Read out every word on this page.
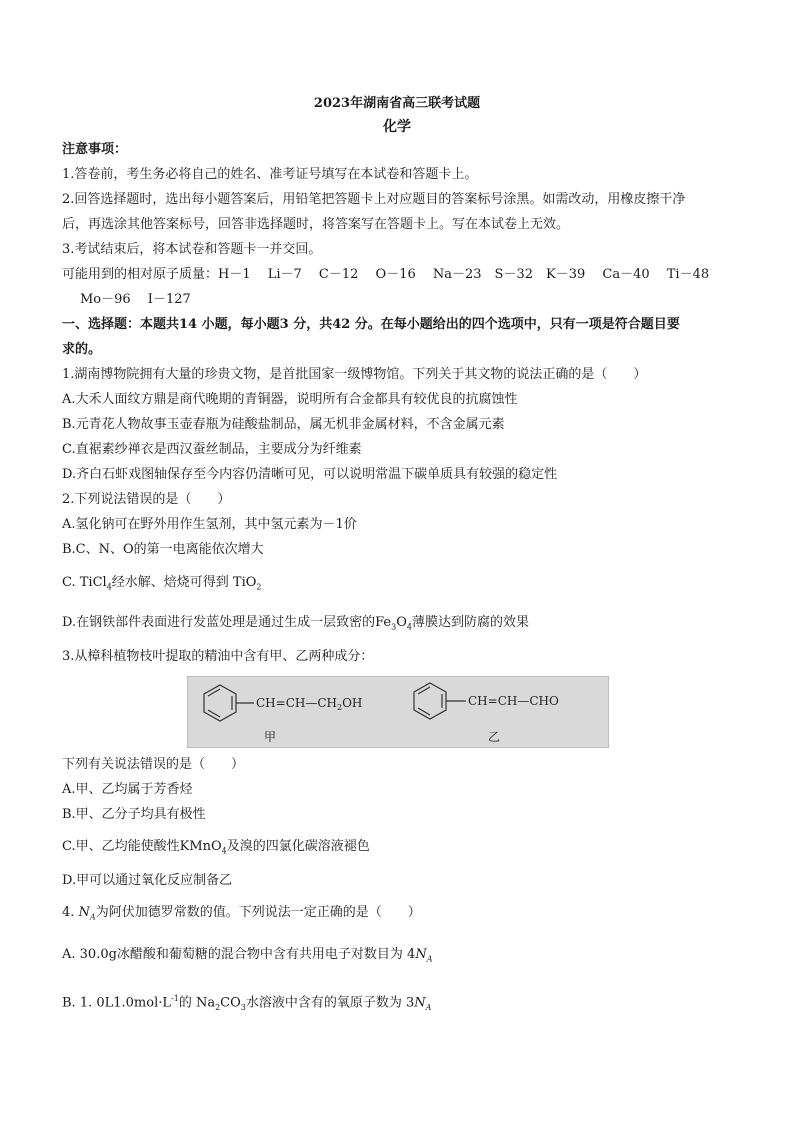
2023年湖南省高三联考试题
化学
注意事项：
1.答卷前，考生务必将自己的姓名、准考证号填写在本试卷和答题卡上。
2.回答选择题时，选出每小题答案后，用铅笔把答题卡上对应题目的答案标号涂黑。如需改动，用橡皮擦干净
后，再选涂其他答案标号，回答非选择题时，将答案写在答题卡上。写在本试卷上无效。
3.考试结束后，将本试卷和答题卡一并交回。
可能用到的相对原子质量：H－1　 Li－7　 C－12　 O－16　 Na－23　S－32　K－39　 Ca－40　 Ti－48
Mo－96　 I－127
一、选择题：本题共14 小题，每小题3 分，共42 分。在每小题给出的四个选项中，只有一项是符合题目要
求的。
1.湖南博物院拥有大量的珍贵文物，是首批国家一级博物馆。下列关于其文物的说法正确的是（　　）
A.大禾人面纹方鼎是商代晚期的青铜器，说明所有合金都具有较优良的抗腐蚀性
B.元青花人物故事玉壶春瓶为硅酸盐制品，属无机非金属材料，不含金属元素
C.直裾素纱禅衣是西汉蚕丝制品，主要成分为纤维素
D.齐白石虾戏图轴保存至今内容仍清晰可见，可以说明常温下碳单质具有较强的稳定性
2.下列说法错误的是（　　）
A.氢化钠可在野外用作生氢剂，其中氢元素为－1价
B.C、N、O的第一电离能依次增大
C. TiCl$_4$经水解、焙烧可得到 TiO$_2$
D.在钢铁部件表面进行发蓝处理是通过生成一层致密的$Fe_3O_4$薄膜达到防腐的效果
3.从樟科植物枝叶提取的精油中含有甲、乙两种成分：
$CH=CH—CH_2OH$
甲
CH=CH—CHO
乙
下列有关说法错误的是（　　）
A.甲、乙均属于芳香烃
B.甲、乙分子均具有极性
C.甲、乙均能使酸性KMnO$_4$及溴的四氯化碳溶液褪色
D.甲可以通过氧化反应制备乙
4. $N_A$为阿伏加德罗常数的值。下列说法一定正确的是（　　）
A. 30.0g冰醋酸和葡萄糖的混合物中含有共用电子对数目为 $4N_A$
B. 1. $0L1.0mol\cdot L^{-1}$的 $Na_2CO_3$水溶液中含有的氧原子数为 $3N_A$
